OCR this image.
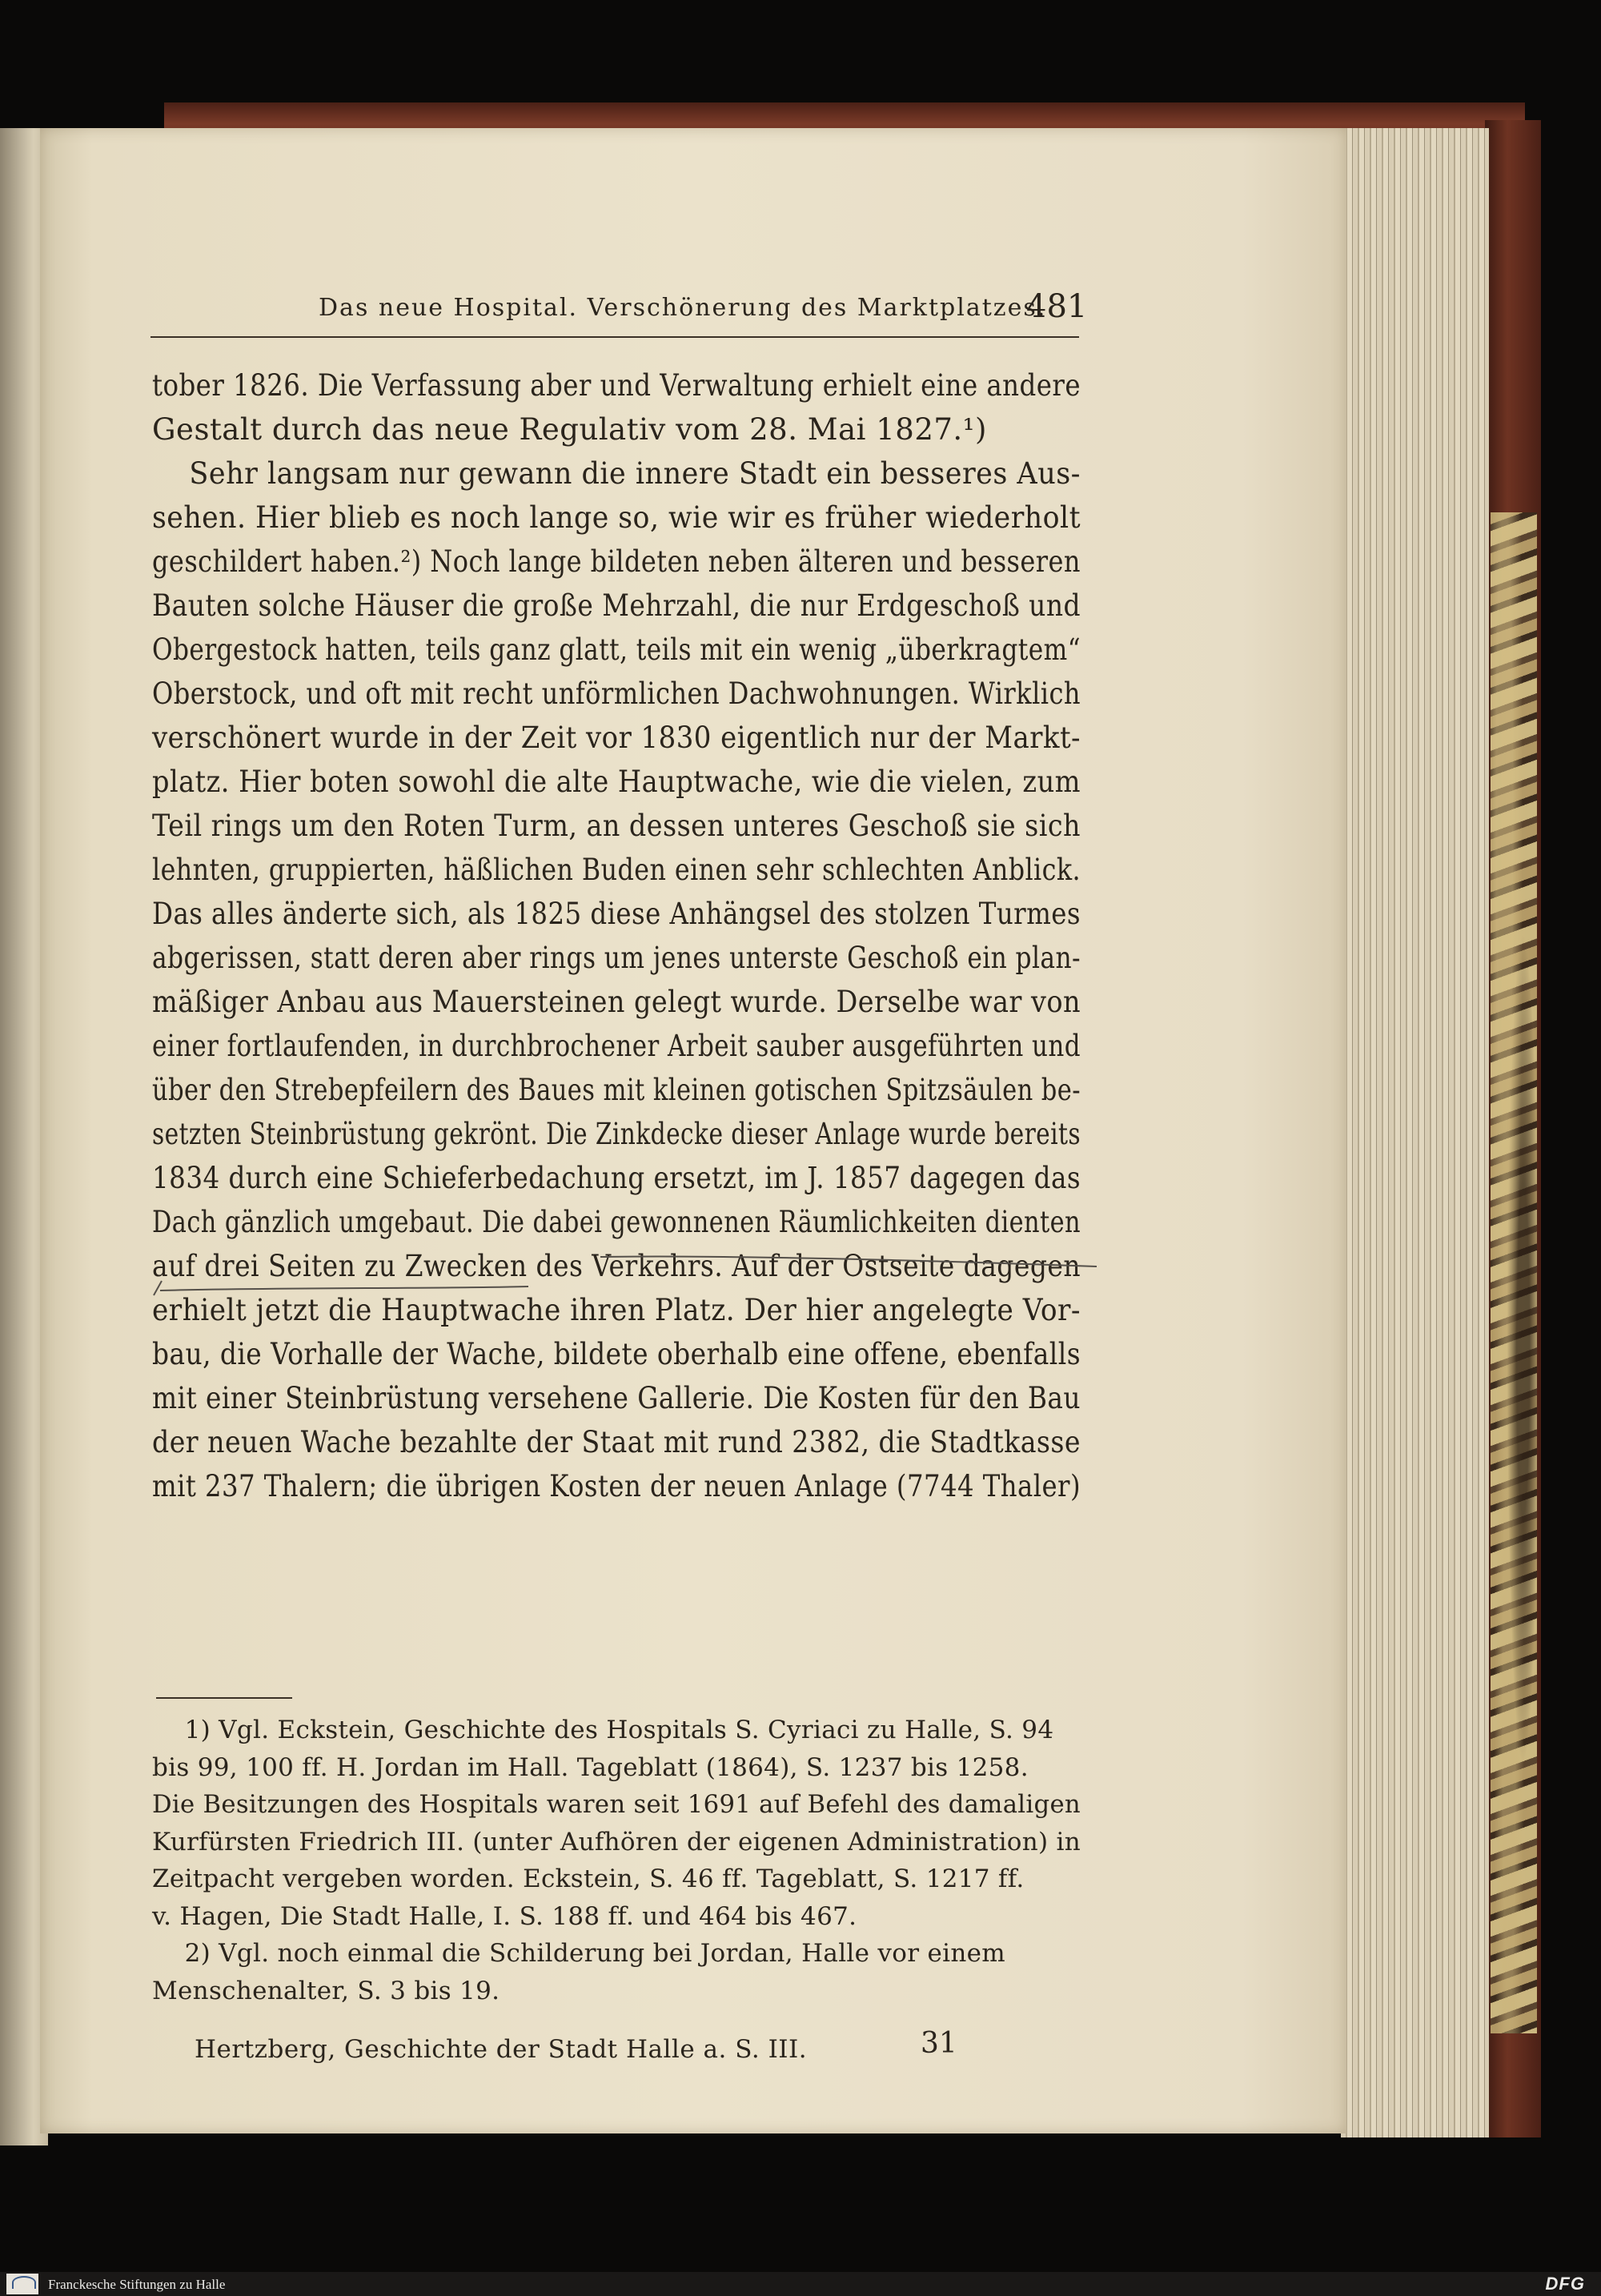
Das neue Hospital. Verschönerung des Marktplatzes.
481
tober 1826. Die Verfassung aber und Verwaltung erhielt eine andere
Gestalt durch das neue Regulativ vom 28. Mai 1827.¹)
Sehr langsam nur gewann die innere Stadt ein besseres Aus-
sehen. Hier blieb es noch lange so, wie wir es früher wiederholt
geschildert haben.²) Noch lange bildeten neben älteren und besseren
Bauten solche Häuser die große Mehrzahl, die nur Erdgeschoß und
Obergestock hatten, teils ganz glatt, teils mit ein wenig „überkragtem“
Oberstock, und oft mit recht unförmlichen Dachwohnungen. Wirklich
verschönert wurde in der Zeit vor 1830 eigentlich nur der Markt-
platz. Hier boten sowohl die alte Hauptwache, wie die vielen, zum
Teil rings um den Roten Turm, an dessen unteres Geschoß sie sich
lehnten, gruppierten, häßlichen Buden einen sehr schlechten Anblick.
Das alles änderte sich, als 1825 diese Anhängsel des stolzen Turmes
abgerissen, statt deren aber rings um jenes unterste Geschoß ein plan-
mäßiger Anbau aus Mauersteinen gelegt wurde. Derselbe war von
einer fortlaufenden, in durchbrochener Arbeit sauber ausgeführten und
über den Strebepfeilern des Baues mit kleinen gotischen Spitzsäulen be-
setzten Steinbrüstung gekrönt. Die Zinkdecke dieser Anlage wurde bereits
1834 durch eine Schieferbedachung ersetzt, im J. 1857 dagegen das
Dach gänzlich umgebaut. Die dabei gewonnenen Räumlichkeiten dienten
auf drei Seiten zu Zwecken des Verkehrs. Auf der Ostseite dagegen
erhielt jetzt die Hauptwache ihren Platz. Der hier angelegte Vor-
bau, die Vorhalle der Wache, bildete oberhalb eine offene, ebenfalls
mit einer Steinbrüstung versehene Gallerie. Die Kosten für den Bau
der neuen Wache bezahlte der Staat mit rund 2382, die Stadtkasse
mit 237 Thalern; die übrigen Kosten der neuen Anlage (7744 Thaler)
1) Vgl. Eckstein, Geschichte des Hospitals S. Cyriaci zu Halle, S. 94
bis 99, 100 ff. H. Jordan im Hall. Tageblatt (1864), S. 1237 bis 1258.
Die Besitzungen des Hospitals waren seit 1691 auf Befehl des damaligen
Kurfürsten Friedrich III. (unter Aufhören der eigenen Administration) in
Zeitpacht vergeben worden. Eckstein, S. 46 ff. Tageblatt, S. 1217 ff.
v. Hagen, Die Stadt Halle, I. S. 188 ff. und 464 bis 467.
2) Vgl. noch einmal die Schilderung bei Jordan, Halle vor einem
Menschenalter, S. 3 bis 19.
Hertzberg, Geschichte der Stadt Halle a. S. III.	31
Franckesche Stiftungen zu Halle	DFG
